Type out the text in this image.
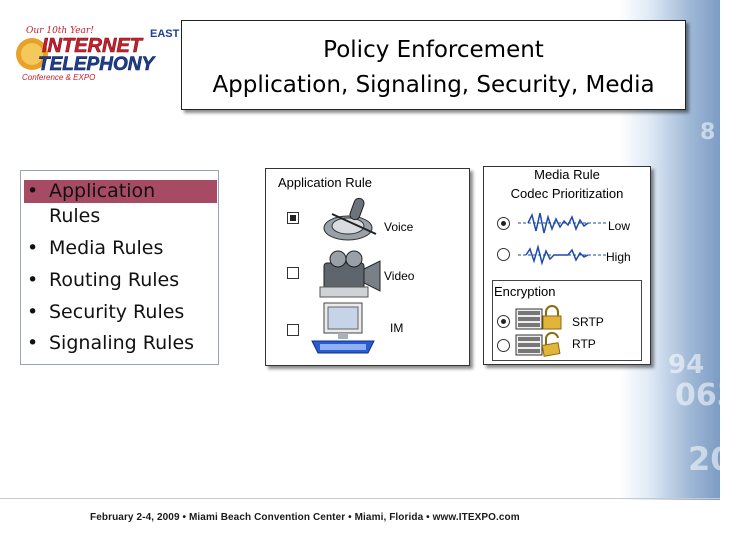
94
063
20
8
Our 10th Year!	EAST
INTERNET
TELEPHONY
Conference & EXPO
Policy Enforcement
Application, Signaling, Security, Media
• Application
Rules
• Media Rules
• Routing Rules
• Security Rules
• Signaling Rules
Application Rule
Voice
Video
IM
Media Rule
Codec Prioritization
Low
High
Encryption
SRTP
RTP
February 2-4, 2009 • Miami Beach Convention Center • Miami, Florida • www.ITEXPO.com
